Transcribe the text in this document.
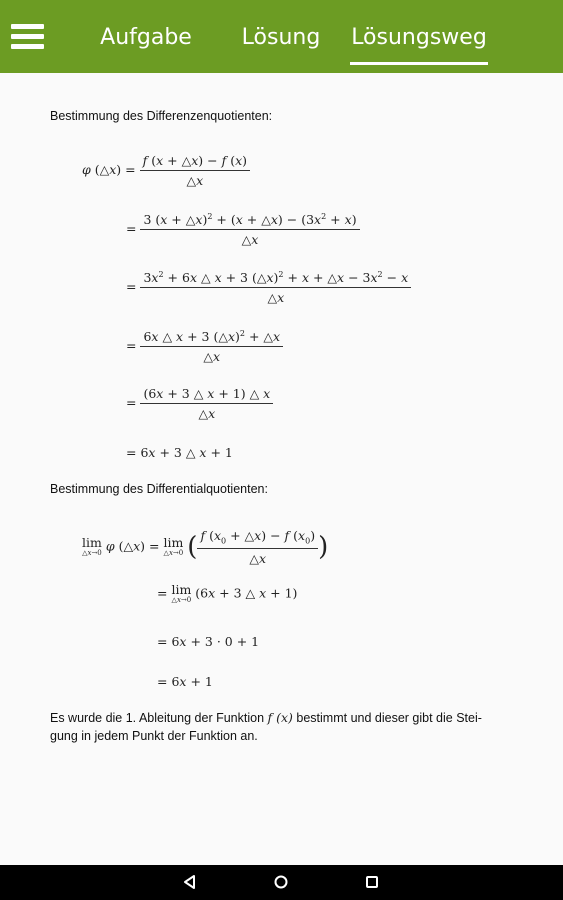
Aufgabe Lösung Lösungsweg
Bestimmung des Differenzenquotienten:
φ (△x) = $\frac{f (x + \triangle x) - f (x)}{\triangle x}$
= $\frac{3 (x + \triangle x)^2 + (x + \triangle x) - (3x^2 + x)}{\triangle x}$
= $\frac{3x^2 + 6x \triangle x + 3 (\triangle x)^2 + x + \triangle x - 3x^2 - x}{\triangle x}$
= $\frac{6x \triangle x + 3 (\triangle x)^2 + \triangle x}{\triangle x}$
= $\frac{(6x + 3 \triangle x + 1) \triangle x}{\triangle x}$
= 6x + 3 △ x + 1
Bestimmung des Differentialquotienten:
lim
△x→0 φ (△x) = lim
△x→0 ( $\frac{f (x_0 + \triangle x) - f (x_0)}{\triangle x}$ )
= lim
△x→0 (6x + 3 △ x + 1)
= 6x + 3 · 0 + 1
= 6x + 1
Es wurde die 1. Ableitung der Funktion f (x) bestimmt und dieser gibt die Stei-
gung in jedem Punkt der Funktion an.
